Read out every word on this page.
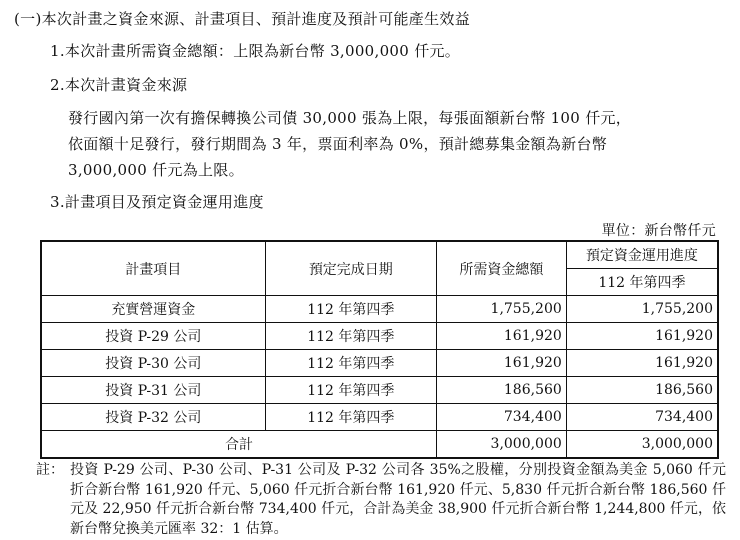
(一)本次計畫之資金來源、計畫項目、預計進度及預計可能產生效益
1.本次計畫所需資金總額：上限為新台幣 3,000,000 仟元。
2.本次計畫資金來源
發行國內第一次有擔保轉換公司債 30,000 張為上限，每張面額新台幣 100 仟元，
依面額十足發行，發行期間為 3 年，票面利率為 0%，預計總募集金額為新台幣
3,000,000 仟元為上限。
3.計畫項目及預定資金運用進度
單位：新台幣仟元
計畫項目	預定完成日期	所需資金總額	預定資金運用進度
			112 年第四季
充實營運資金	112 年第四季	1,755,200	1,755,200
投資 P-29 公司	112 年第四季	161,920	161,920
投資 P-30 公司	112 年第四季	161,920	161,920
投資 P-31 公司	112 年第四季	186,560	186,560
投資 P-32 公司	112 年第四季	734,400	734,400
合計		3,000,000	3,000,000
註： 投資 P-29 公司、P-30 公司、P-31 公司及 P-32 公司各 35%之股權，分別投資金額為美金 5,060 仟元折合新台幣 161,920 仟元、5,060 仟元折合新台幣 161,920 仟元、5,830 仟元折合新台幣 186,560 仟元及 22,950 仟元折合新台幣 734,400 仟元，合計為美金 38,900 仟元折合新台幣 1,244,800 仟元，依新台幣兌換美元匯率 32：1 估算。
